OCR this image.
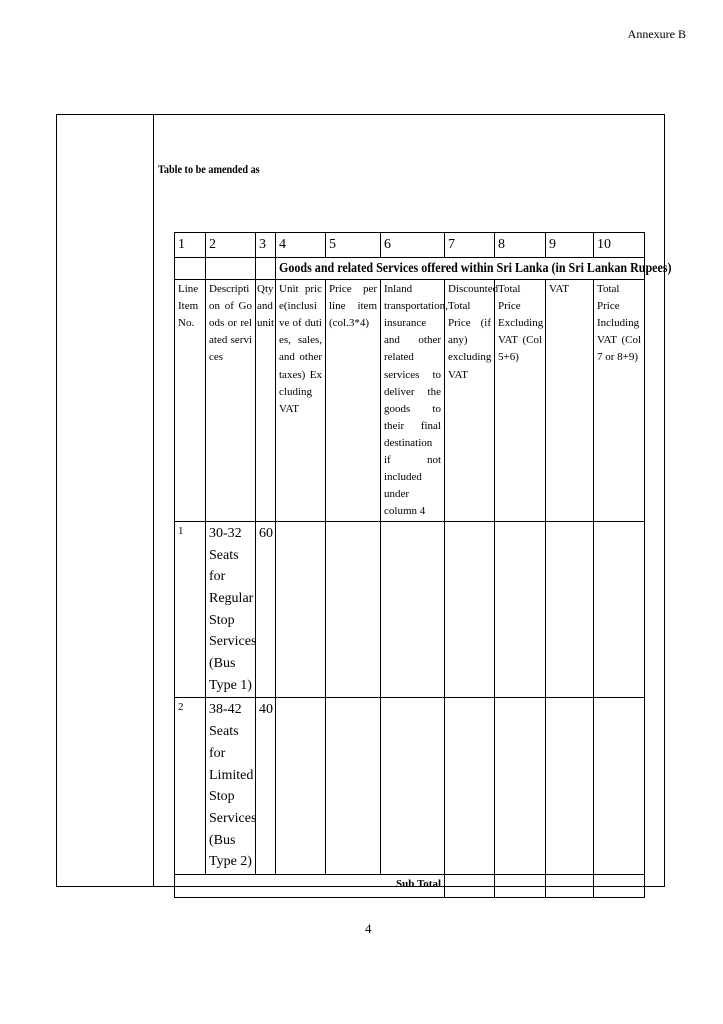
Annexure B
Table to be amended as
1	2	3	4	5	6	7	8	9	10

			Goods and related Services offered within Sri Lanka (in Sri Lankan Rupees)						

Line Item No.	Description of Goods or related services	Qty and unit	Unit price(inclusive of duties, sales, and other taxes) Excluding VAT	Price per line item (col.3*4)	Inland transportation, insurance and other related services to deliver the goods to their final destination if not included under column 4	Discounted Total Price (if any) excluding VAT	Total Price Excluding VAT (Col 5+6)	VAT	Total Price Including VAT (Col 7 or 8+9)
1	30-32 Seats for Regular Stop Services (Bus Type 1)	60							
2	38-42 Seats for Limited Stop Services (Bus Type 2)	40							
Sub Total									
4
